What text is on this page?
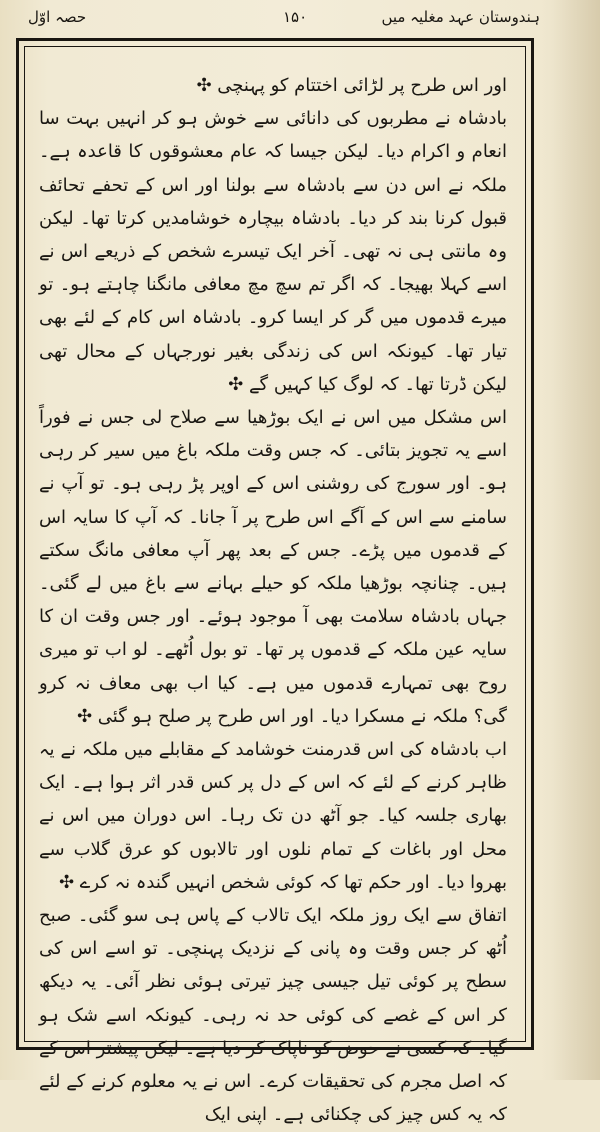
ہندوستان عہد مغلیہ میں
۱۵۰
حصہ اوّل

اور اس طرح پر لڑائی اختتام کو پہنچی ✣

بادشاہ نے مطربوں کی دانائی سے خوش ہو کر انہیں بہت سا انعام و اکرام دیا۔ لیکن جیسا کہ عام معشوقوں کا قاعدہ ہے۔ ملکہ نے اس دن سے بادشاہ سے بولنا اور اس کے تحفے تحائف قبول کرنا بند کر دیا۔ بادشاہ بیچارہ خوشامدیں کرتا تھا۔ لیکن وہ مانتی ہی نہ تھی۔ آخر ایک تیسرے شخص کے ذریعے اس نے اسے کہلا بھیجا۔ کہ اگر تم سچ مچ معافی مانگنا چاہتے ہو۔ تو میرے قدموں میں گر کر ایسا کرو۔ بادشاہ اس کام کے لئے بھی تیار تھا۔ کیونکہ اس کی زندگی بغیر نورجہاں کے محال تھی لیکن ڈرتا تھا۔ کہ لوگ کیا کہیں گے ✣

اس مشکل میں اس نے ایک بوڑھیا سے صلاح لی جس نے فوراً اسے یہ تجویز بتائی۔ کہ جس وقت ملکہ باغ میں سیر کر رہی ہو۔ اور سورج کی روشنی اس کے اوپر پڑ رہی ہو۔ تو آپ نے سامنے سے اس کے آگے اس طرح پر آ جانا۔ کہ آپ کا سایہ اس کے قدموں میں پڑے۔ جس کے بعد پھر آپ معافی مانگ سکتے ہیں۔ چنانچہ بوڑھیا ملکہ کو حیلے بہانے سے باغ میں لے گئی۔ جہاں بادشاہ سلامت بھی آ موجود ہوئے۔ اور جس وقت ان کا سایہ عین ملکہ کے قدموں پر تھا۔ تو بول اُٹھے۔ لو اب تو میری روح بھی تمہارے قدموں میں ہے۔ کیا اب بھی معاف نہ کرو گی؟ ملکہ نے مسکرا دیا۔ اور اس طرح پر صلح ہو گئی ✣

اب بادشاہ کی اس قدرمنت خوشامد کے مقابلے میں ملکہ نے یہ ظاہر کرنے کے لئے کہ اس کے دل پر کس قدر اثر ہوا ہے۔ ایک بھاری جلسہ کیا۔ جو آٹھ دن تک رہا۔ اس دوران میں اس نے محل اور باغات کے تمام نلوں اور تالابوں کو عرق گلاب سے بھروا دیا۔ اور حکم تھا کہ کوئی شخص انہیں گندہ نہ کرے ✣

اتفاق سے ایک روز ملکہ ایک تالاب کے پاس ہی سو گئی۔ صبح اُٹھ کر جس وقت وہ پانی کے نزدیک پہنچی۔ تو اسے اس کی سطح پر کوئی تیل جیسی چیز تیرتی ہوئی نظر آئی۔ یہ دیکھ کر اس کے غصے کی کوئی حد نہ رہی۔ کیونکہ اسے شک ہو گیا۔ کہ کسی نے حوض کو ناپاک کر دیا ہے۔ لیکن پیشتر اس کے کہ اصل مجرم کی تحقیقات کرے۔ اس نے یہ معلوم کرنے کے لئے کہ یہ کس چیز کی چکنائی ہے۔ اپنی ایک
